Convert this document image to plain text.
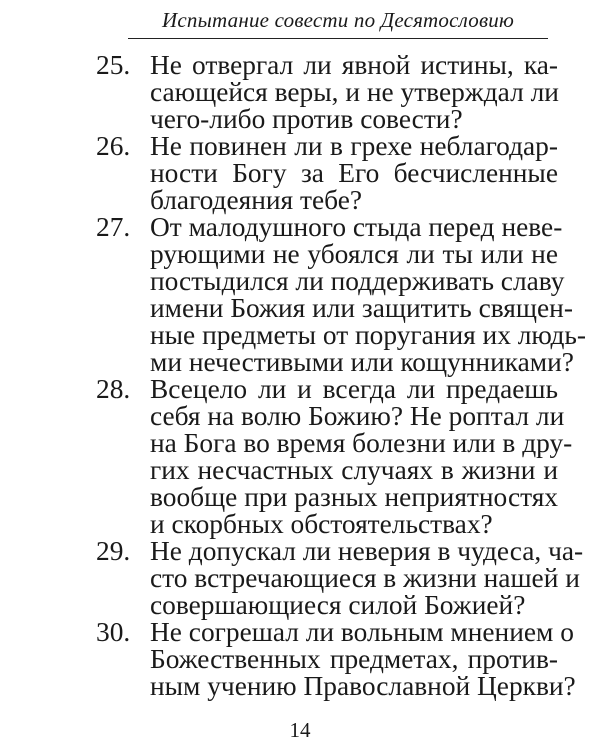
Испытание совести по Десятословию
25. Не отвергал ли явной истины, ка-
сающейся веры, и не утверждал ли
чего-либо против совести?
26. Не повинен ли в грехе неблагодар-
ности Богу за Его бесчисленные
благодеяния тебе?
27. От малодушного стыда перед неве-
рующими не убоялся ли ты или не
постыдился ли поддерживать славу
имени Божия или защитить священ-
ные предметы от поругания их людь-
ми нечестивыми или кощунниками?
28. Всецело ли и всегда ли предаешь
себя на волю Божию? Не роптал ли
на Бога во время болезни или в дру-
гих несчастных случаях в жизни и
вообще при разных неприятностях
и скорбных обстоятельствах?
29. Не допускал ли неверия в чудеса, ча-
сто встречающиеся в жизни нашей и
совершающиеся силой Божией?
30. Не согрешал ли вольным мнением о
Божественных предметах, против-
ным учению Православной Церкви?
14
